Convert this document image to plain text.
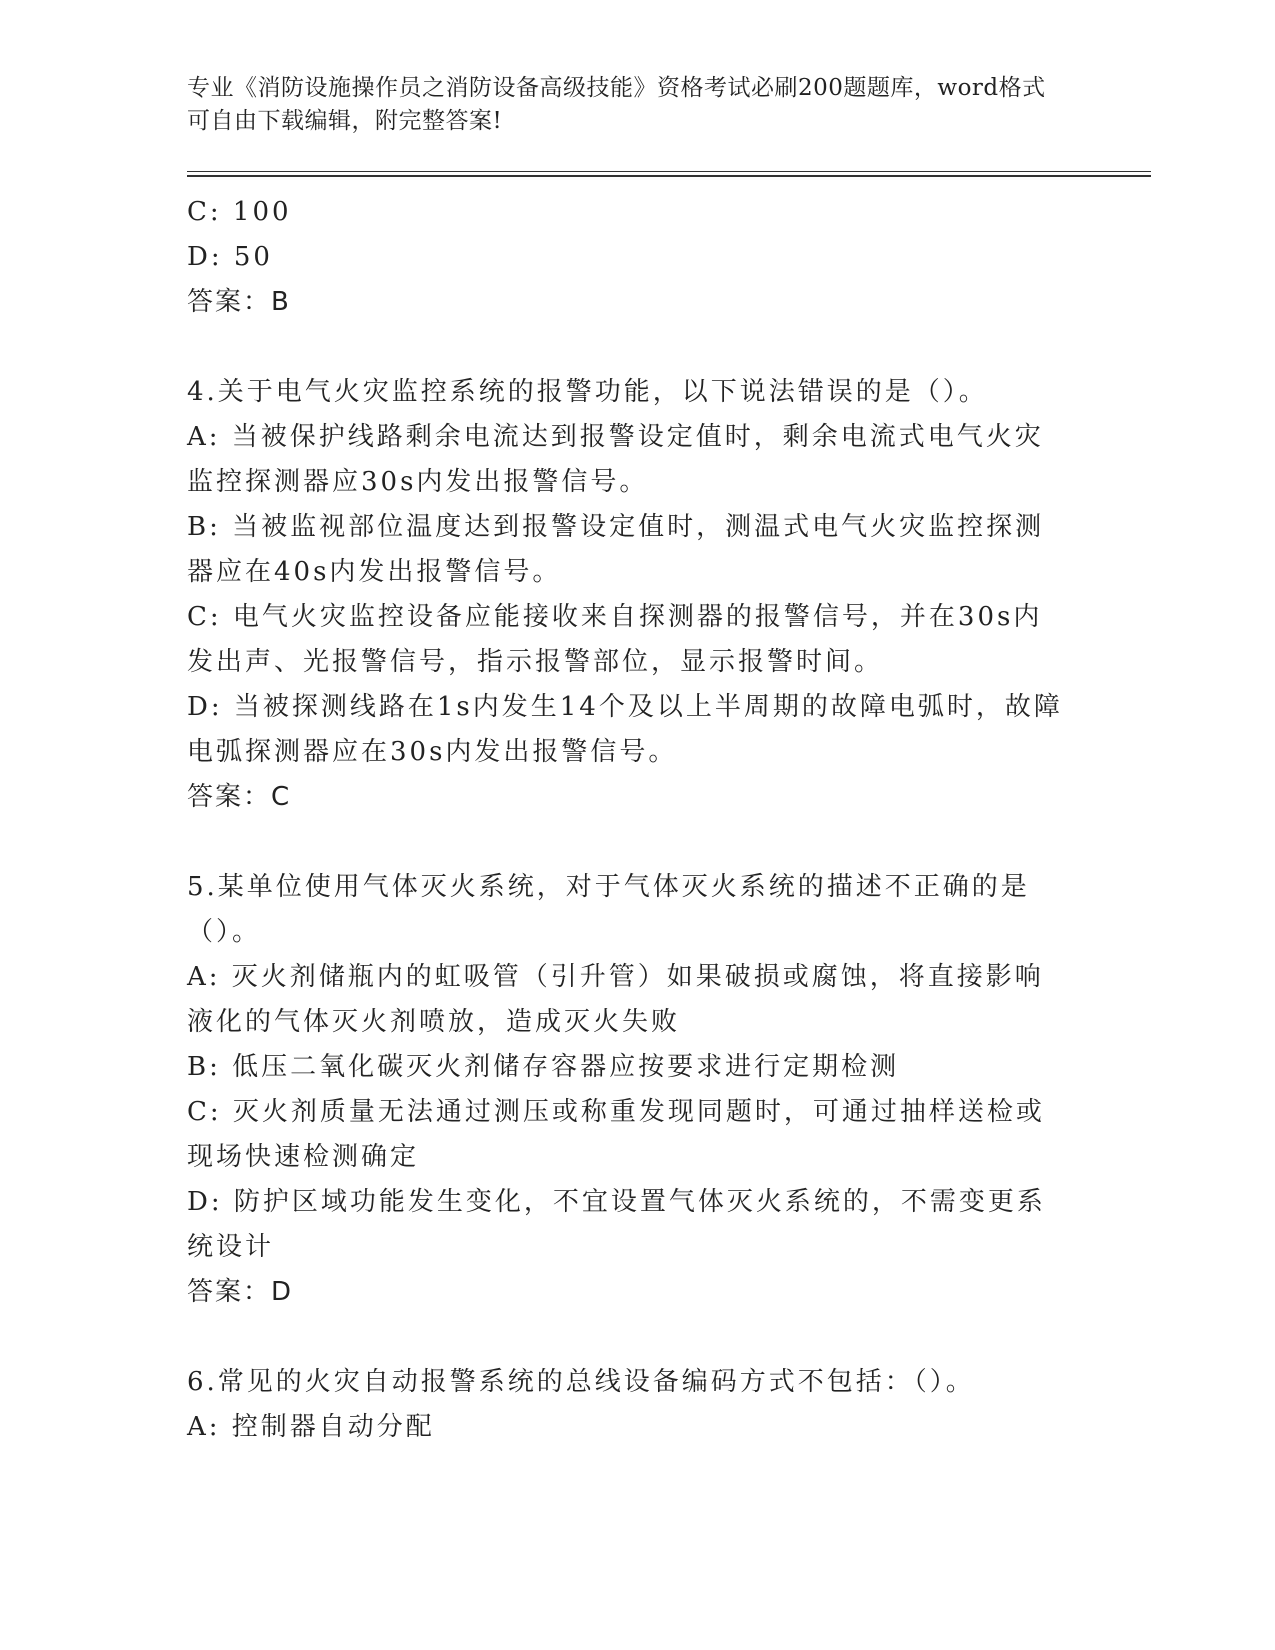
专业《消防设施操作员之消防设备高级技能》资格考试必刷200题题库，word格式可自由下载编辑，附完整答案!

C: 100

D: 50

答案：B

4.关于电气火灾监控系统的报警功能，以下说法错误的是（）。

A: 当被保护线路剩余电流达到报警设定值时，剩余电流式电气火灾监控探测器应30s内发出报警信号。

B: 当被监视部位温度达到报警设定值时，测温式电气火灾监控探测器应在40s内发出报警信号。

C: 电气火灾监控设备应能接收来自探测器的报警信号，并在30s内发出声、光报警信号，指示报警部位，显示报警时间。

D: 当被探测线路在1s内发生14个及以上半周期的故障电弧时，故障电弧探测器应在30s内发出报警信号。

答案：C

5.某单位使用气体灭火系统，对于气体灭火系统的描述不正确的是（）。

A: 灭火剂储瓶内的虹吸管（引升管）如果破损或腐蚀，将直接影响液化的气体灭火剂喷放，造成灭火失败

B: 低压二氧化碳灭火剂储存容器应按要求进行定期检测

C: 灭火剂质量无法通过测压或称重发现同题时，可通过抽样送检或现场快速检测确定

D: 防护区域功能发生变化，不宜设置气体灭火系统的，不需变更系统设计

答案：D

6.常见的火灾自动报警系统的总线设备编码方式不包括：（）。

A: 控制器自动分配
